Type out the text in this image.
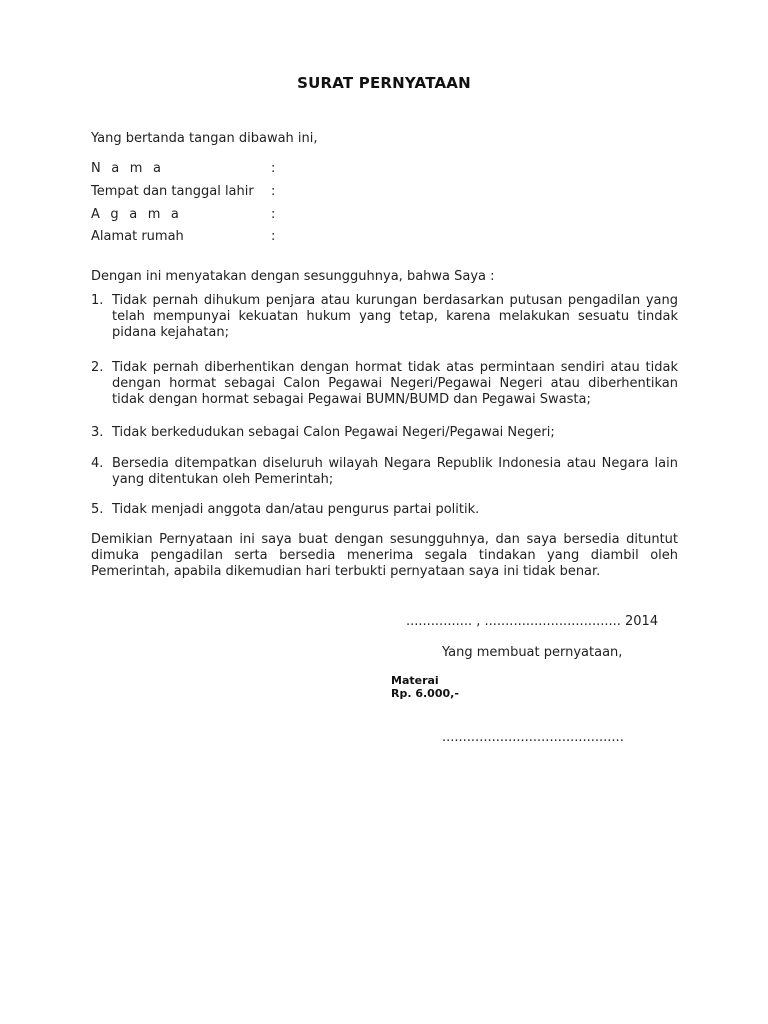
SURAT PERNYATAAN
Yang bertanda tangan dibawah ini,
N a m a	:
Tempat dan tanggal lahir :
A g a m a	:
Alamat rumah	:
Dengan ini menyatakan dengan sesungguhnya, bahwa Saya :
1. Tidak pernah dihukum penjara atau kurungan berdasarkan putusan pengadilan yang telah mempunyai kekuatan hukum yang tetap, karena melakukan sesuatu tindak pidana kejahatan;
2. Tidak pernah diberhentikan dengan hormat tidak atas permintaan sendiri atau tidak dengan hormat sebagai Calon Pegawai Negeri/Pegawai Negeri atau diberhentikan tidak dengan hormat sebagai Pegawai BUMN/BUMD dan Pegawai Swasta;
3. Tidak berkedudukan sebagai Calon Pegawai Negeri/Pegawai Negeri;
4. Bersedia ditempatkan diseluruh wilayah Negara Republik Indonesia atau Negara lain yang ditentukan oleh Pemerintah;
5. Tidak menjadi anggota dan/atau pengurus partai politik.
Demikian Pernyataan ini saya buat dengan sesungguhnya, dan saya bersedia dituntut dimuka pengadilan serta bersedia menerima segala tindakan yang diambil oleh Pemerintah, apabila dikemudian hari terbukti pernyataan saya ini tidak benar.
................ , ................................. 2014
Yang membuat pernyataan,
Materai
Rp. 6.000,-
............................................
